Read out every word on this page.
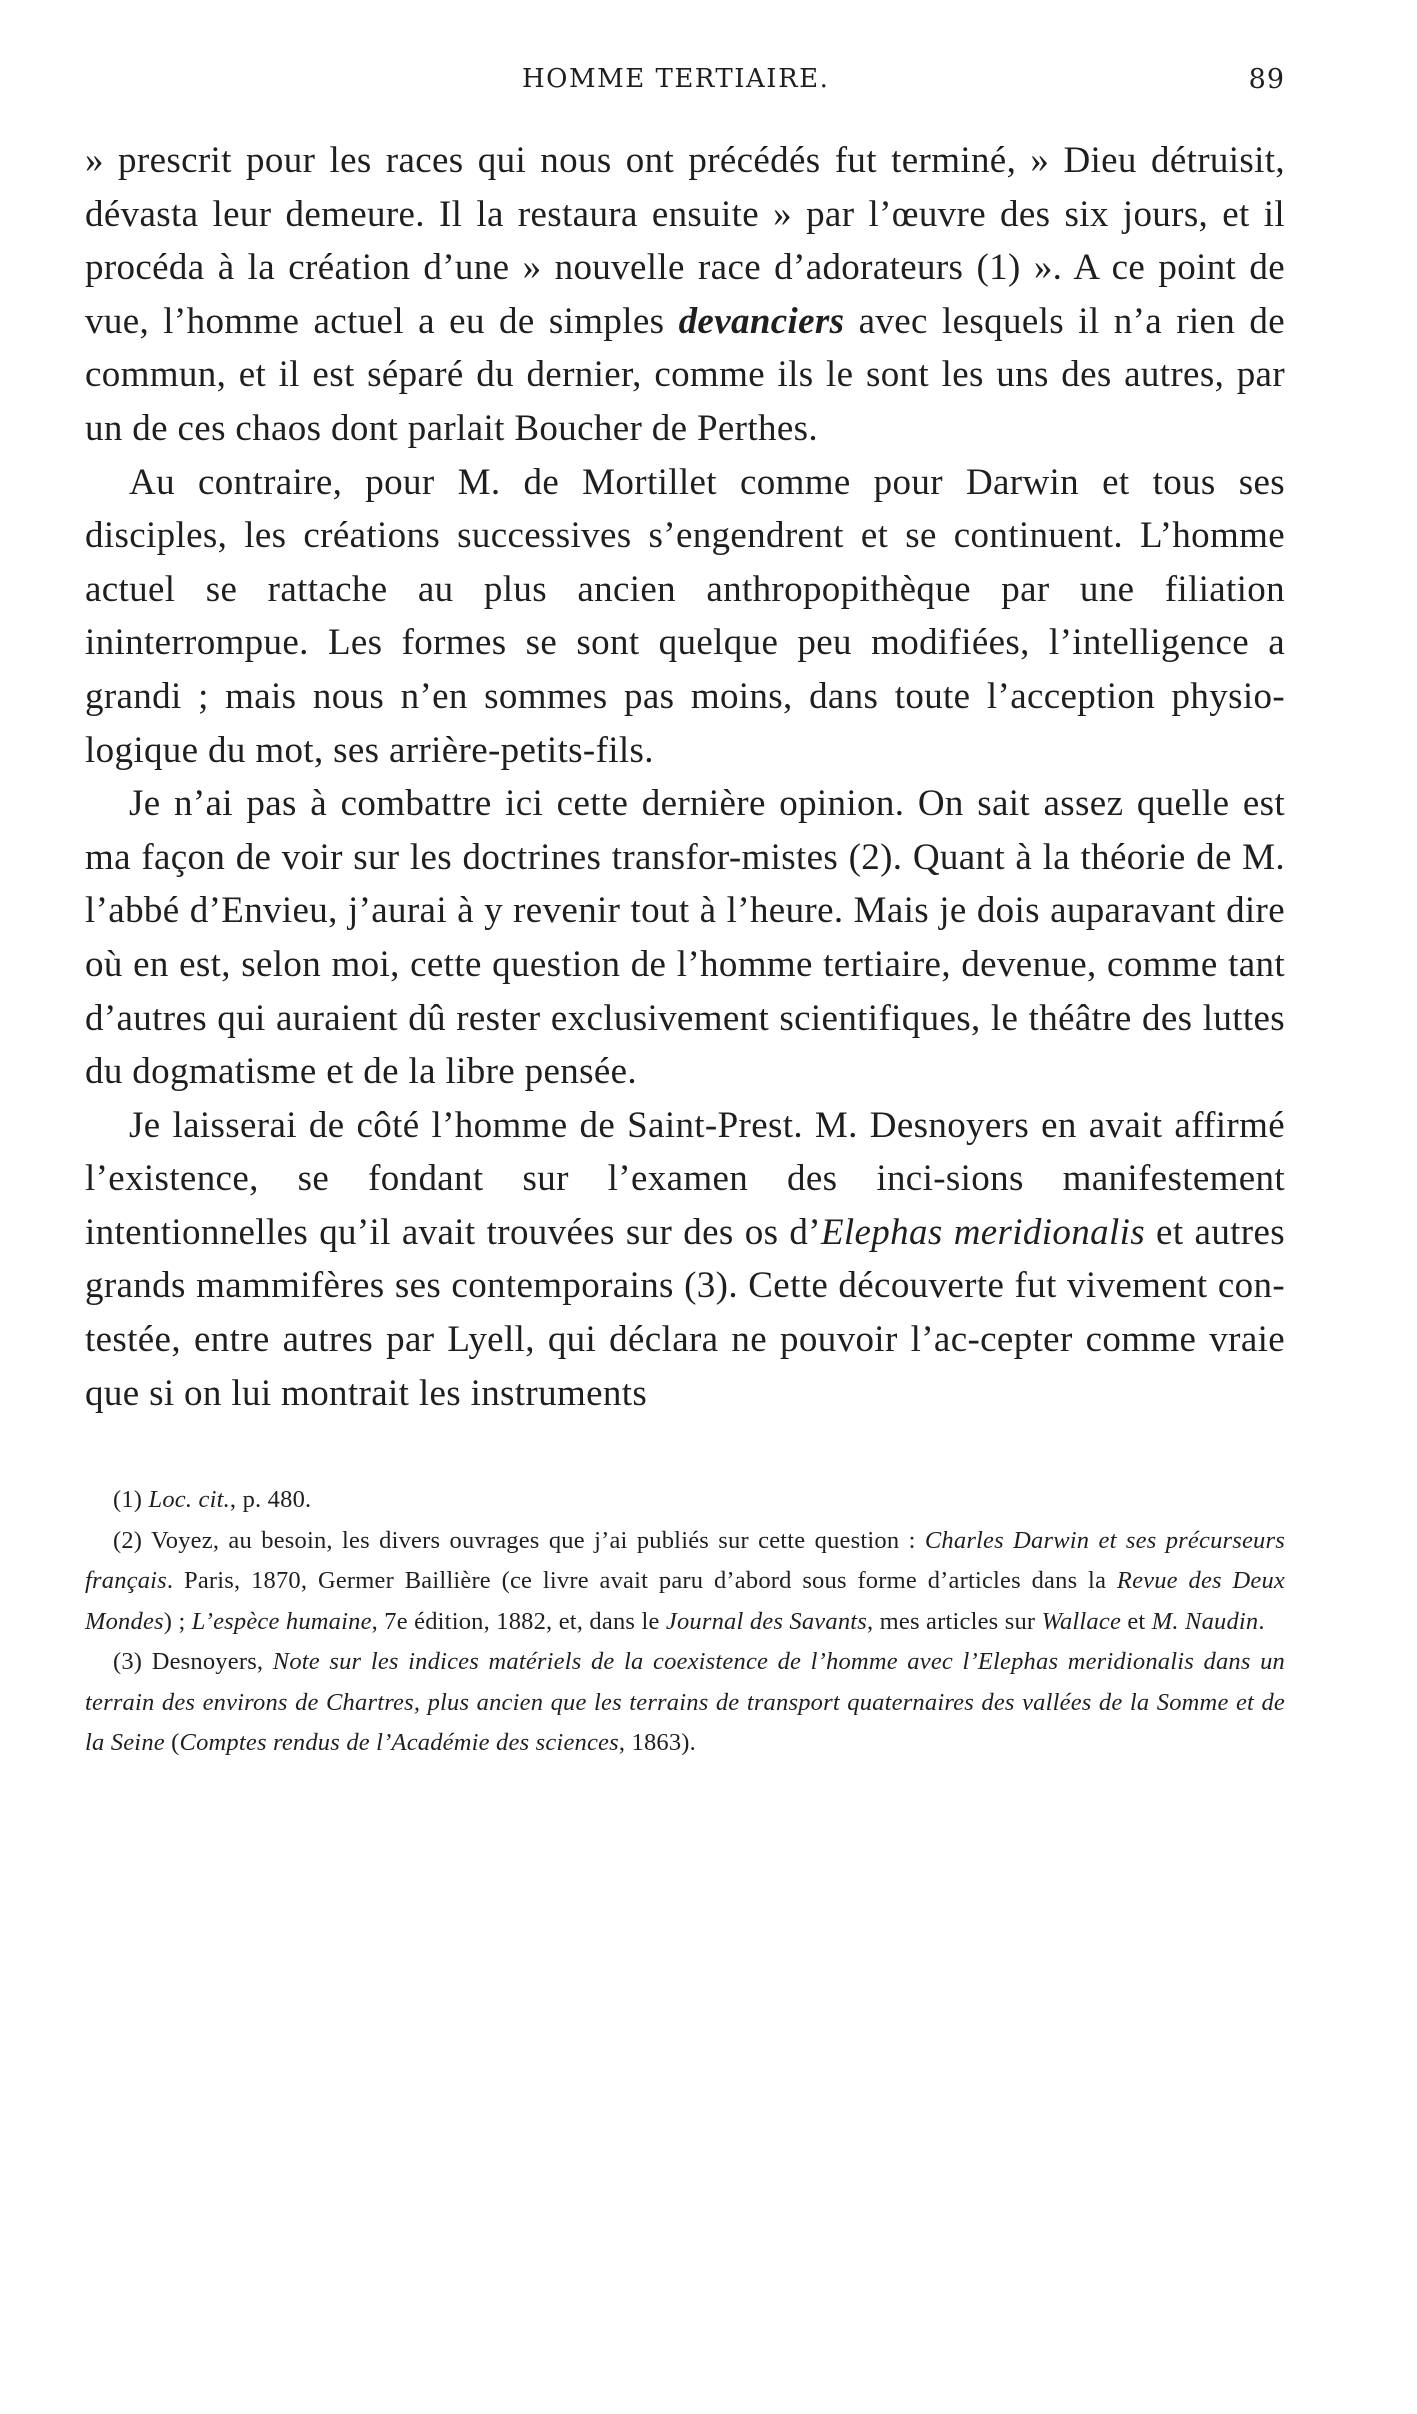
HOMME TERTIAIRE.	89

» prescrit pour les races qui nous ont précédés fut terminé, » Dieu détruisit, dévasta leur demeure. Il la restaura ensuite » par l’œuvre des six jours, et il procéda à la création d’une » nouvelle race d’adorateurs (1) ». A ce point de vue, l’homme actuel a eu de simples devanciers avec lesquels il n’a rien de commun, et il est séparé du dernier, comme ils le sont les uns des autres, par un de ces chaos dont parlait Boucher de Perthes.

Au contraire, pour M. de Mortillet comme pour Darwin et tous ses disciples, les créations successives s’engendrent et se continuent. L’homme actuel se rattache au plus ancien anthropopithèque par une filiation ininterrompue. Les formes se sont quelque peu modifiées, l’intelligence a grandi ; mais nous n’en sommes pas moins, dans toute l’acception physio-logique du mot, ses arrière-petits-fils.

Je n’ai pas à combattre ici cette dernière opinion. On sait assez quelle est ma façon de voir sur les doctrines transfor-mistes (2). Quant à la théorie de M. l’abbé d’Envieu, j’aurai à y revenir tout à l’heure. Mais je dois auparavant dire où en est, selon moi, cette question de l’homme tertiaire, devenue, comme tant d’autres qui auraient dû rester exclusivement scientifiques, le théâtre des luttes du dogmatisme et de la libre pensée.

Je laisserai de côté l’homme de Saint-Prest. M. Desnoyers en avait affirmé l’existence, se fondant sur l’examen des inci-sions manifestement intentionnelles qu’il avait trouvées sur des os d’Elephas meridionalis et autres grands mammifères ses contemporains (3). Cette découverte fut vivement con-testée, entre autres par Lyell, qui déclara ne pouvoir l’ac-cepter comme vraie que si on lui montrait les instruments

(1) Loc. cit., p. 480.

(2) Voyez, au besoin, les divers ouvrages que j’ai publiés sur cette question : Charles Darwin et ses précurseurs français. Paris, 1870, Germer Baillière (ce livre avait paru d’abord sous forme d’articles dans la Revue des Deux Mondes) ; L’espèce humaine, 7e édition, 1882, et, dans le Journal des Savants, mes articles sur Wallace et M. Naudin.

(3) Desnoyers, Note sur les indices matériels de la coexistence de l’homme avec l’Elephas meridionalis dans un terrain des environs de Chartres, plus ancien que les terrains de transport quaternaires des vallées de la Somme et de la Seine (Comptes rendus de l’Académie des sciences, 1863).
